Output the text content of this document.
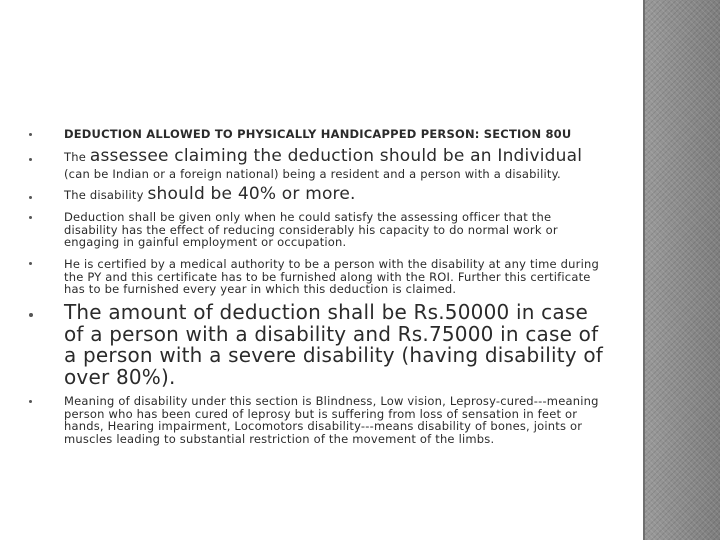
DEDUCTION ALLOWED TO PHYSICALLY HANDICAPPED PERSON: SECTION 80U
The assessee claiming the deduction should be an Individual
(can be Indian or a foreign national) being a resident and a person with a disability.
The disability should be 40% or more.
Deduction shall be given only when he could satisfy the assessing officer that the disability has the effect of reducing considerably his capacity to do normal work or engaging in gainful employment or occupation.
He is certified by a medical authority to be a person with the disability at any time during the PY and this certificate has to be furnished along with the ROI. Further this certificate has to be furnished every year in which this deduction is claimed.
The amount of deduction shall be Rs.50000 in case of a person with a disability and Rs.75000 in case of a person with a severe disability (having disability of over 80%).
Meaning of disability under this section is Blindness, Low vision, Leprosy-cured---meaning person who has been cured of leprosy but is suffering from loss of sensation in feet or hands, Hearing impairment, Locomotors disability---means disability of bones, joints or muscles leading to substantial restriction of the movement of the limbs.
